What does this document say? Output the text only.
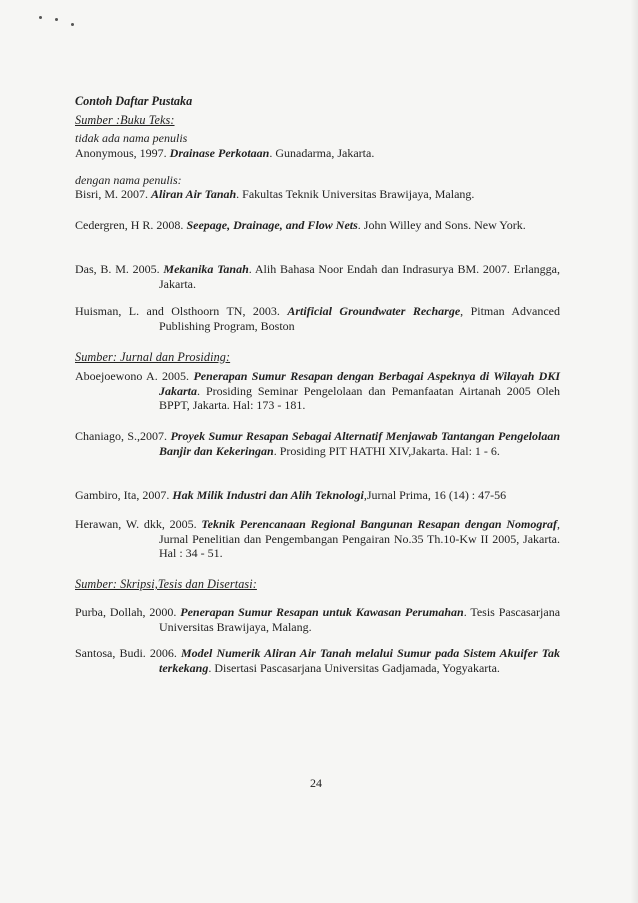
Contoh Daftar Pustaka
Sumber :Buku Teks:
tidak ada nama penulis
Anonymous, 1997. Drainase Perkotaan. Gunadarma, Jakarta.
dengan nama penulis:
Bisri, M. 2007. Aliran Air Tanah. Fakultas Teknik Universitas Brawijaya, Malang.
Cedergren, H R. 2008. Seepage, Drainage, and Flow Nets. John Willey and Sons. New York.
Das, B. M. 2005. Mekanika Tanah. Alih Bahasa Noor Endah dan Indrasurya BM. 2007. Erlangga, Jakarta.
Huisman, L. and Olsthoorn TN, 2003. Artificial Groundwater Recharge, Pitman Advanced Publishing Program, Boston
Sumber: Jurnal dan Prosiding:
Aboejoewono A. 2005. Penerapan Sumur Resapan dengan Berbagai Aspeknya di Wilayah DKI Jakarta. Prosiding Seminar Pengelolaan dan Pemanfaatan Airtanah 2005 Oleh BPPT, Jakarta. Hal: 173 - 181.
Chaniago, S.,2007. Proyek Sumur Resapan Sebagai Alternatif Menjawab Tantangan Pengelolaan Banjir dan Kekeringan. Prosiding PIT HATHI XIV,Jakarta. Hal: 1 - 6.
Gambiro, Ita, 2007. Hak Milik Industri dan Alih Teknologi,Jurnal Prima, 16 (14) : 47-56
Herawan, W. dkk, 2005. Teknik Perencanaan Regional Bangunan Resapan dengan Nomograf, Jurnal Penelitian dan Pengembangan Pengairan No.35 Th.10-Kw II 2005, Jakarta. Hal : 34 - 51.
Sumber: Skripsi,Tesis dan Disertasi:
Purba, Dollah, 2000. Penerapan Sumur Resapan untuk Kawasan Perumahan. Tesis Pascasarjana Universitas Brawijaya, Malang.
Santosa, Budi. 2006. Model Numerik Aliran Air Tanah melalui Sumur pada Sistem Akuifer Tak terkekang. Disertasi Pascasarjana Universitas Gadjamada, Yogyakarta.
24
